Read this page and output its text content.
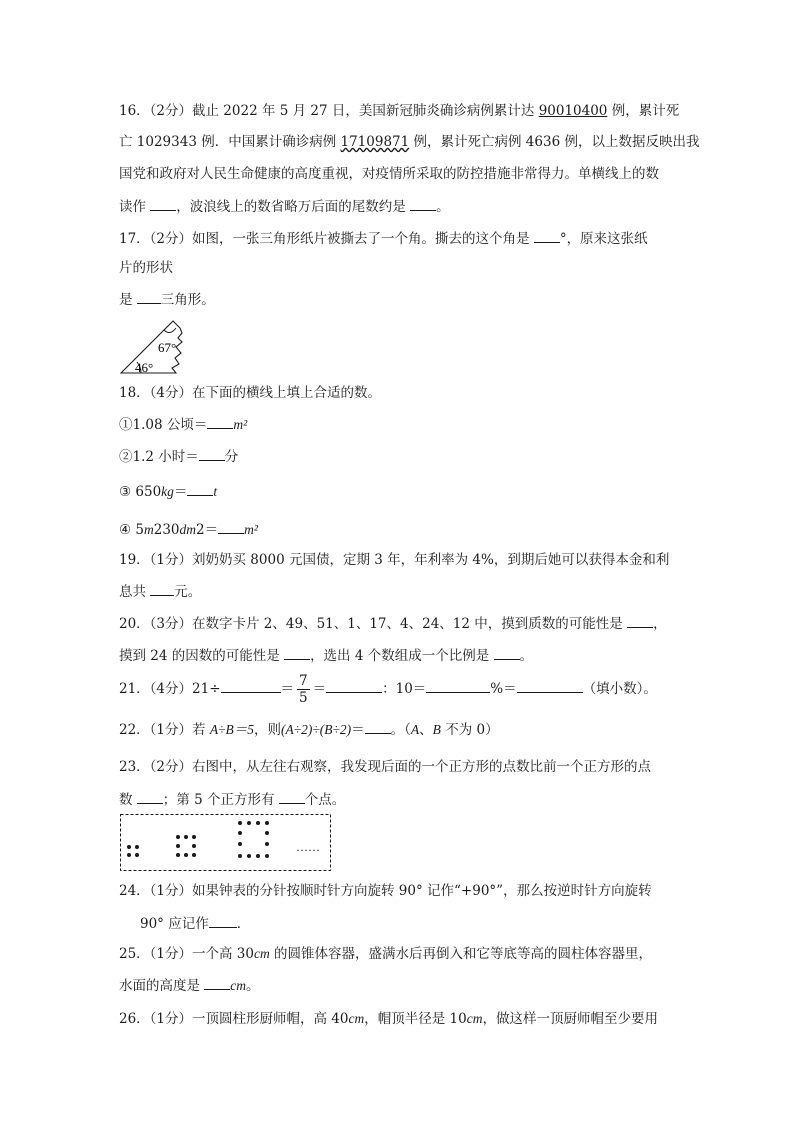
16．（2分）截止 2022 年 5 月 27 日，美国新冠肺炎确诊病例累计达 90010400 例，累计死
亡 1029343 例．中国累计确诊病例 17109871 例，累计死亡病例 4636 例，以上数据反映出我
国党和政府对人民生命健康的高度重视，对疫情所采取的防控措施非常得力。单横线上的数
读作 ，波浪线上的数省略万后面的尾数约是 。
17．（2分）如图，一张三角形纸片被撕去了一个角。撕去的这个角是 °，原来这张纸
片的形状
是 三角形。
67°
46°
18．（4分）在下面的横线上填上合适的数。
①1.08 公顷＝ m²
②1.2 小时＝ 分
③ 650kg＝ t
④ 5m230dm2＝ m²
19．（1分）刘奶奶买 8000 元国债，定期 3 年，年利率为 4%，到期后她可以获得本金和利
息共 元。
20．（3分）在数字卡片 2、49、51、1、17、4、24、12 中，摸到质数的可能性是 ，
摸到 24 的因数的可能性是 ，选出 4 个数组成一个比例是 。
21．（4分）21÷	＝ $\frac{7}{5}$ ＝	：10＝	%＝	（填小数）。
22．（1分）若 A÷B＝5，则(A÷2)÷(B÷2)＝ 。（A、B 不为 0）
23．（2分）右图中，从左往右观察，我发现后面的一个正方形的点数比前一个正方形的点
数 ；第 5 个正方形有 个点。
……
24．（1分）如果钟表的分针按顺时针方向旋转 90° 记作“+90°”，那么按逆时针方向旋转
90° 应记作 ．
25．（1分）一个高 30cm 的圆锥体容器，盛满水后再倒入和它等底等高的圆柱体容器里，
水面的高度是 cm。
26．（1分）一顶圆柱形厨师帽，高 40cm，帽顶半径是 10cm，做这样一顶厨师帽至少要用
